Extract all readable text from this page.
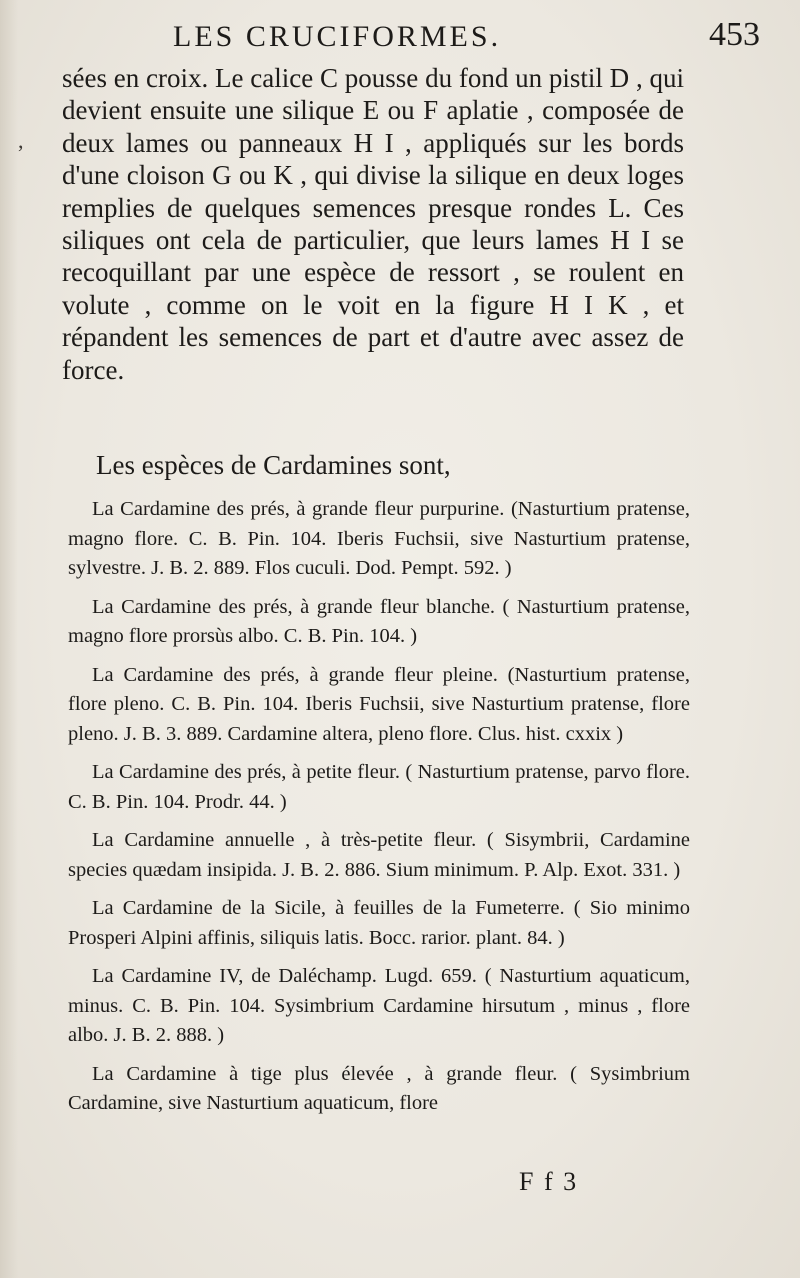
LES CRUCIFORMES.	453
,

sées en croix. Le calice C pousse du fond un pistil D , qui devient ensuite une silique E ou F aplatie , composée de deux lames ou panneaux H I , appliqués sur les bords d'une cloison G ou K , qui divise la silique en deux loges remplies de quelques semences presque rondes L. Ces siliques ont cela de particulier, que leurs lames H I se recoquillant par une espèce de ressort , se roulent en volute , comme on le voit en la figure H I K , et répandent les semences de part et d'autre avec assez de force.

Les espèces de Cardamines sont,

La Cardamine des prés, à grande fleur purpurine. (Nasturtium pratense, magno flore. C. B. Pin. 104. Iberis Fuchsii, sive Nasturtium pratense, sylvestre. J. B. 2. 889. Flos cuculi. Dod. Pempt. 592. )

La Cardamine des prés, à grande fleur blanche. ( Nasturtium pratense, magno flore prorsùs albo. C. B. Pin. 104. )

La Cardamine des prés, à grande fleur pleine. (Nasturtium pratense, flore pleno. C. B. Pin. 104. Iberis Fuchsii, sive Nasturtium pratense, flore pleno. J. B. 3. 889. Cardamine altera, pleno flore. Clus. hist. cxxix )

La Cardamine des prés, à petite fleur. ( Nasturtium pratense, parvo flore. C. B. Pin. 104. Prodr. 44. )

La Cardamine annuelle , à très-petite fleur. ( Sisymbrii, Cardamine species quædam insipida. J. B. 2. 886. Sium minimum. P. Alp. Exot. 331. )

La Cardamine de la Sicile, à feuilles de la Fumeterre. ( Sio minimo Prosperi Alpini affinis, siliquis latis. Bocc. rarior. plant. 84. )

La Cardamine IV, de Daléchamp. Lugd. 659. ( Nasturtium aquaticum, minus. C. B. Pin. 104. Sysimbrium Cardamine hirsutum , minus , flore albo. J. B. 2. 888. )

La Cardamine à tige plus élevée , à grande fleur. ( Sysimbrium Cardamine, sive Nasturtium aquaticum, flore

F f 3
